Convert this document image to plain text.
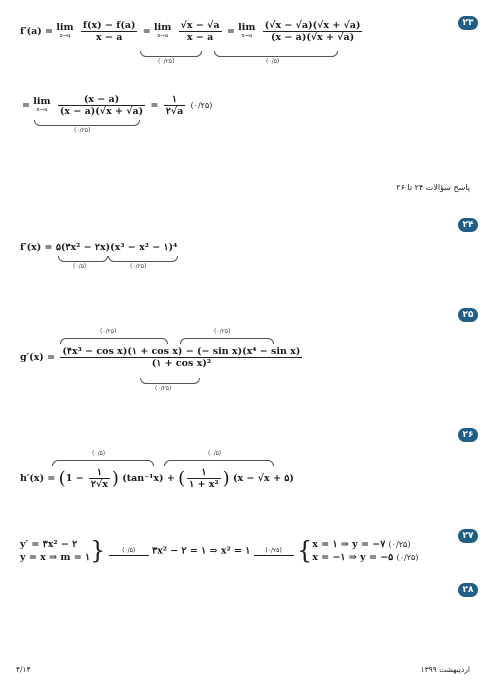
۲۳
۲۴
۲۵
۲۶
۲۷
۲۸
f′(a) = lim
x→a
	$\frac{f(x) - f(a)}{x - a} = \lim$
x→a
	$\frac{√x - √a}{x - a} = \lim$
x→a
	$\frac{(√x - √a)(√x + √a)}{(x - a)(√x + √a)}$
(۰/۲۵)	(۰/۵)
= lim
x→a
	$\frac{(x - a)}{(x - a)(√x + √a)} = \frac{۱}{۲√a}$ (۰/۲۵)
(۰/۲۵)
پاسخ سؤالات ۲۴ تا ۲۶
f′(x) = ۵(۳x² − ۲x)(x³ − x² − ۱)⁴
(۰/۵)	(۰/۲۵)
(۰/۲۵)	(۰/۲۵)
$g'(x) = \frac{\text{(۴x³ − cos x)(۱ + cos x) − (− sin x)(x⁴ − sin x)}}{\text{(۱ + cos x)²}}$
(۰/۲۵)
(۰/۵)	(۰/۵)
$h'(x) = (1 - \frac{۱}{۲√x}$ ) (tan⁻¹x) + ( $\frac{۱}{\text{۱ + x²}}$ ) (x − √x + ۵)
y′ = ۳x² − ۲
y = x ⇒ m = ۱ }	(۰/۵) ۳x² − ۲ = ۱ ⇒ x² = ۱	(۰/۲۵) { x = ۱ ⇒ y = −۷ (۰/۲۵)
x = −۱ ⇒ y = −۵ (۰/۲۵)
۴/۱۴	ارديبهشت ۱۳۹۹
